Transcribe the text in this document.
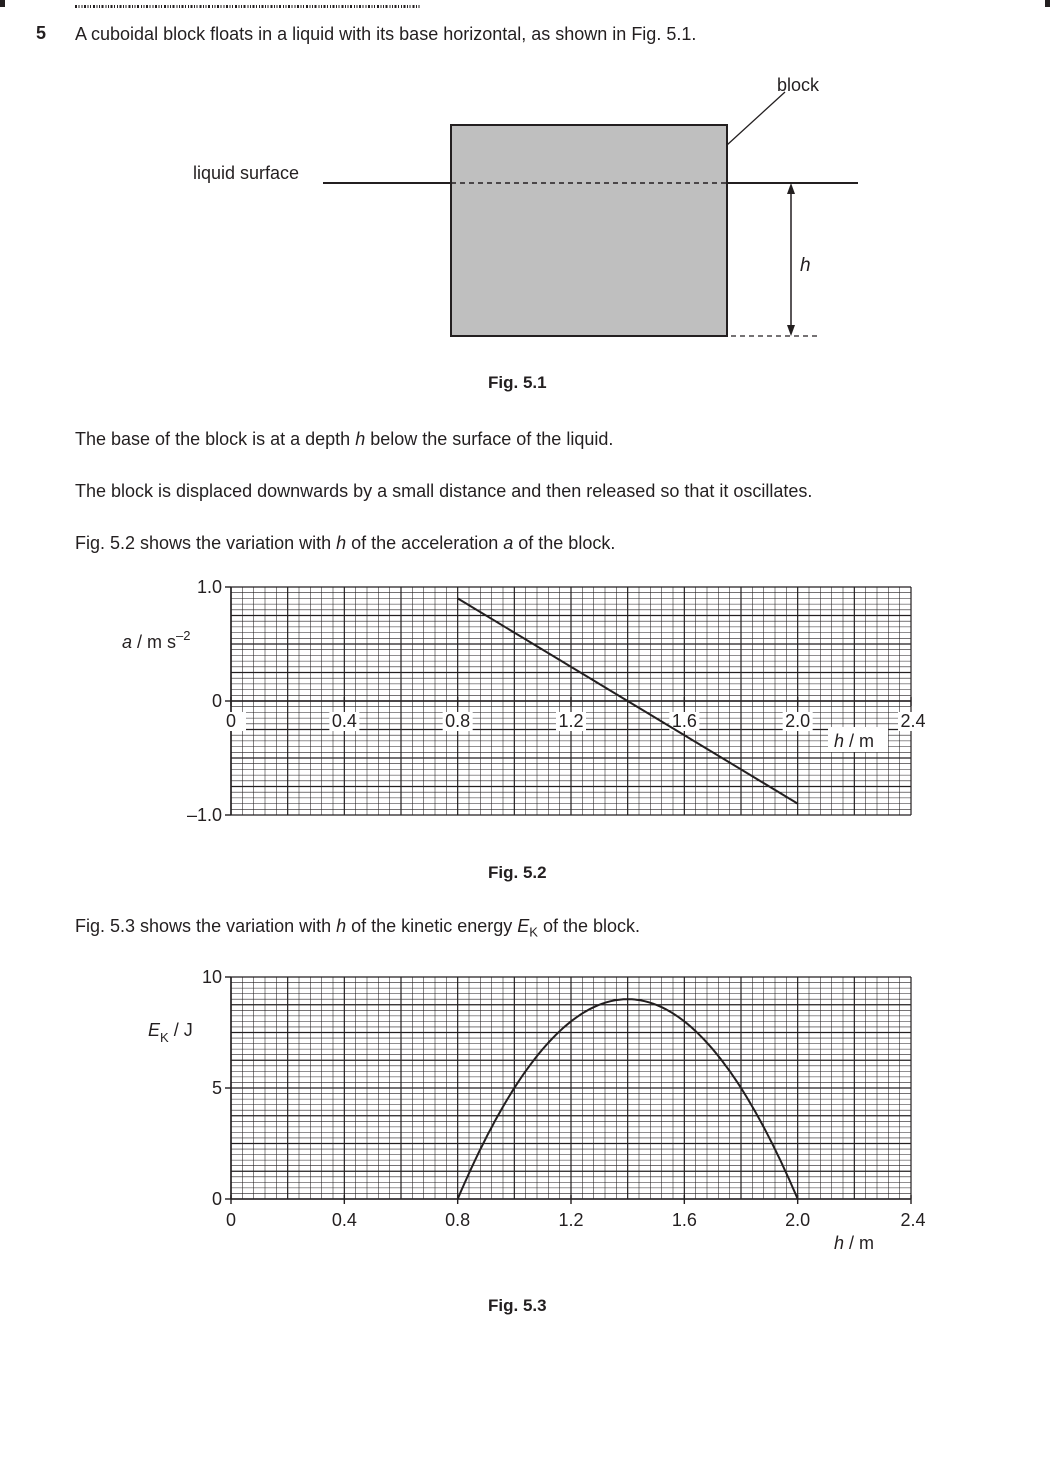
5 A cuboidal block floats in a liquid with its base horizontal, as shown in Fig. 5.1.
block
liquid surface
h
Fig. 5.1
The base of the block is at a depth h below the surface of the liquid.
The block is displaced downwards by a small distance and then released so that it oscillates.
Fig. 5.2 shows the variation with h of the acceleration a of the block.
1.0
0
–1.0
0	0.4	0.8	1.2	1.6	2.0	2.4
h / m
a / m $s^{-2}$
Fig. 5.2
Fig. 5.3 shows the variation with h of the kinetic energy $E_K$ of the block.
10
5
0
0	0.4	0.8	1.2	1.6	2.0	2.4
h / m
$E_K$ / J
Fig. 5.3
